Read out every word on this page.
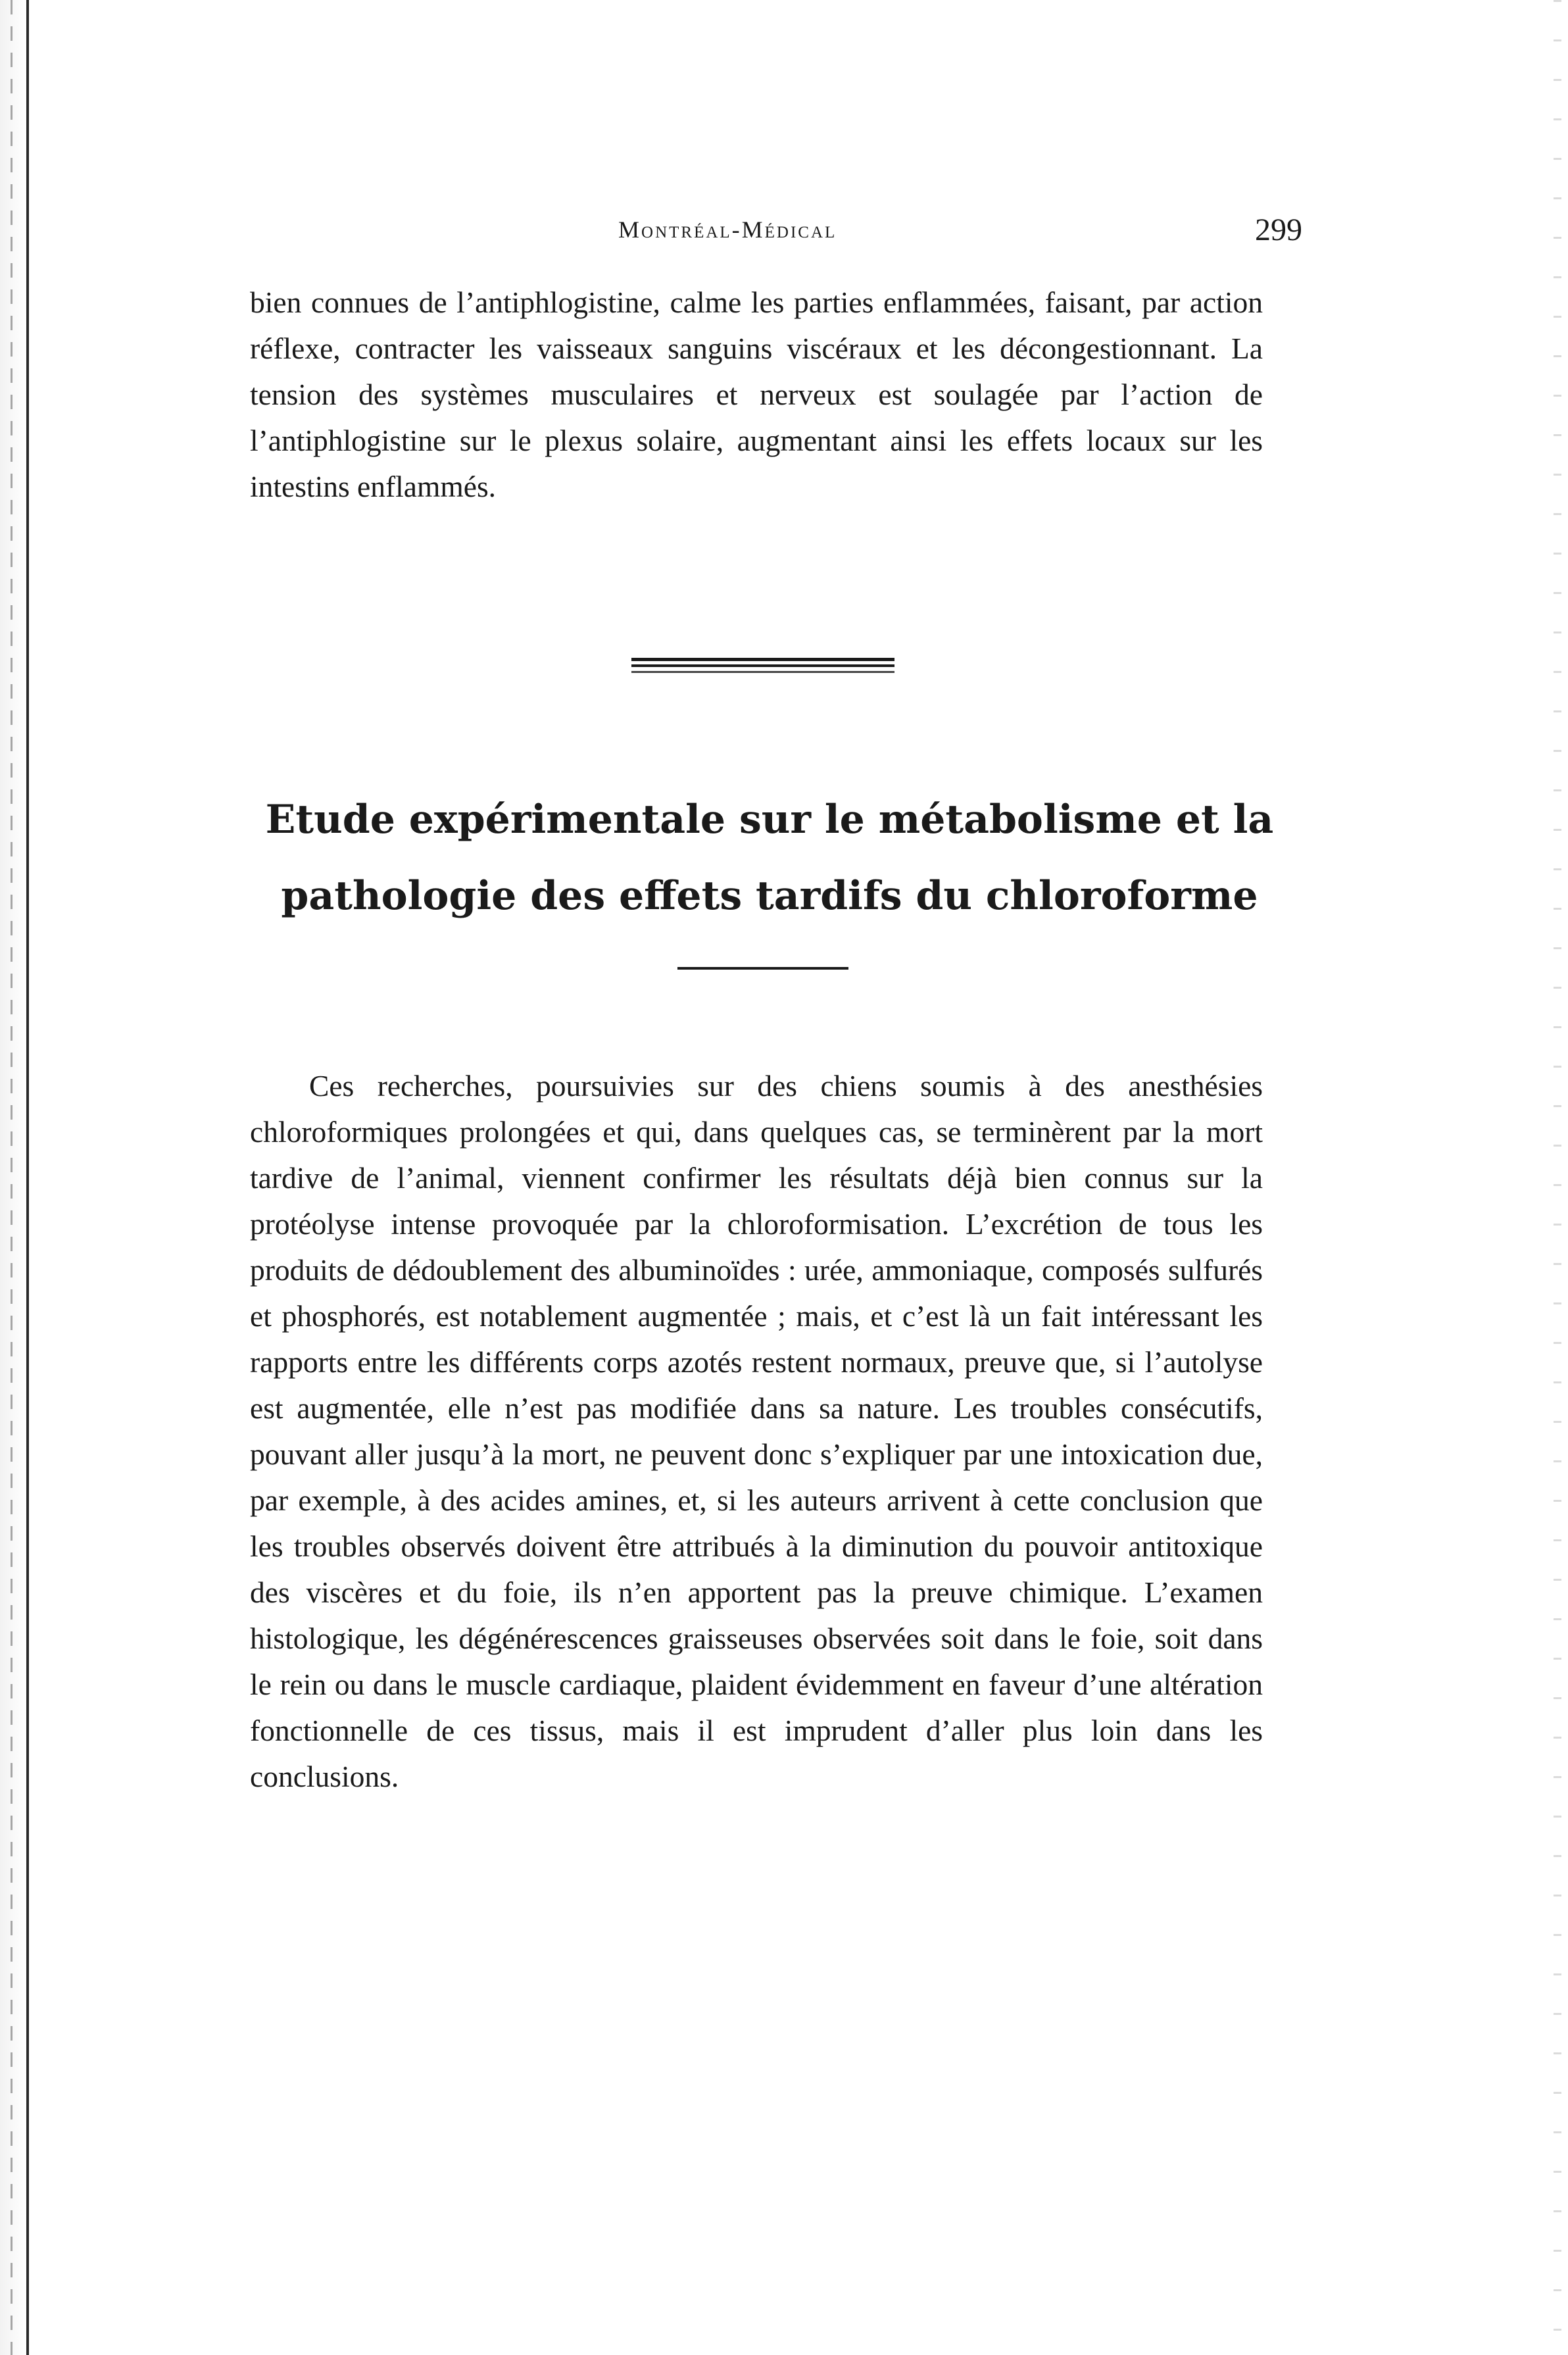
Montréal-Médical	299

bien connues de l’antiphlogistine, calme les parties enflammées, faisant, par action réflexe, contracter les vaisseaux sanguins viscéraux et les décongestionnant. La tension des systèmes musculaires et nerveux est soulagée par l’action de l’antiphlogistine sur le plexus solaire, augmentant ainsi les effets locaux sur les intestins enflammés.

Etude expérimentale sur le métabolisme et la pathologie des effets tardifs du chloroforme

Ces recherches, poursuivies sur des chiens soumis à des anesthésies chloroformiques prolongées et qui, dans quelques cas, se terminèrent par la mort tardive de l’animal, viennent confirmer les résultats déjà bien connus sur la protéolyse intense provoquée par la chloroformisation. L’excrétion de tous les produits de dédoublement des albuminoïdes : urée, ammoniaque, composés sulfurés et phosphorés, est notablement augmentée ; mais, et c’est là un fait intéressant les rapports entre les différents corps azotés restent normaux, preuve que, si l’autolyse est augmentée, elle n’est pas modifiée dans sa nature. Les troubles consécutifs, pouvant aller jusqu’à la mort, ne peuvent donc s’expliquer par une intoxication due, par exemple, à des acides amines, et, si les auteurs arrivent à cette conclusion que les troubles observés doivent être attribués à la diminution du pouvoir antitoxique des viscères et du foie, ils n’en apportent pas la preuve chimique. L’examen histologique, les dégénérescences graisseuses observées soit dans le foie, soit dans le rein ou dans le muscle cardiaque, plaident évidemment en faveur d’une altération fonctionnelle de ces tissus, mais il est imprudent d’aller plus loin dans les conclusions.
